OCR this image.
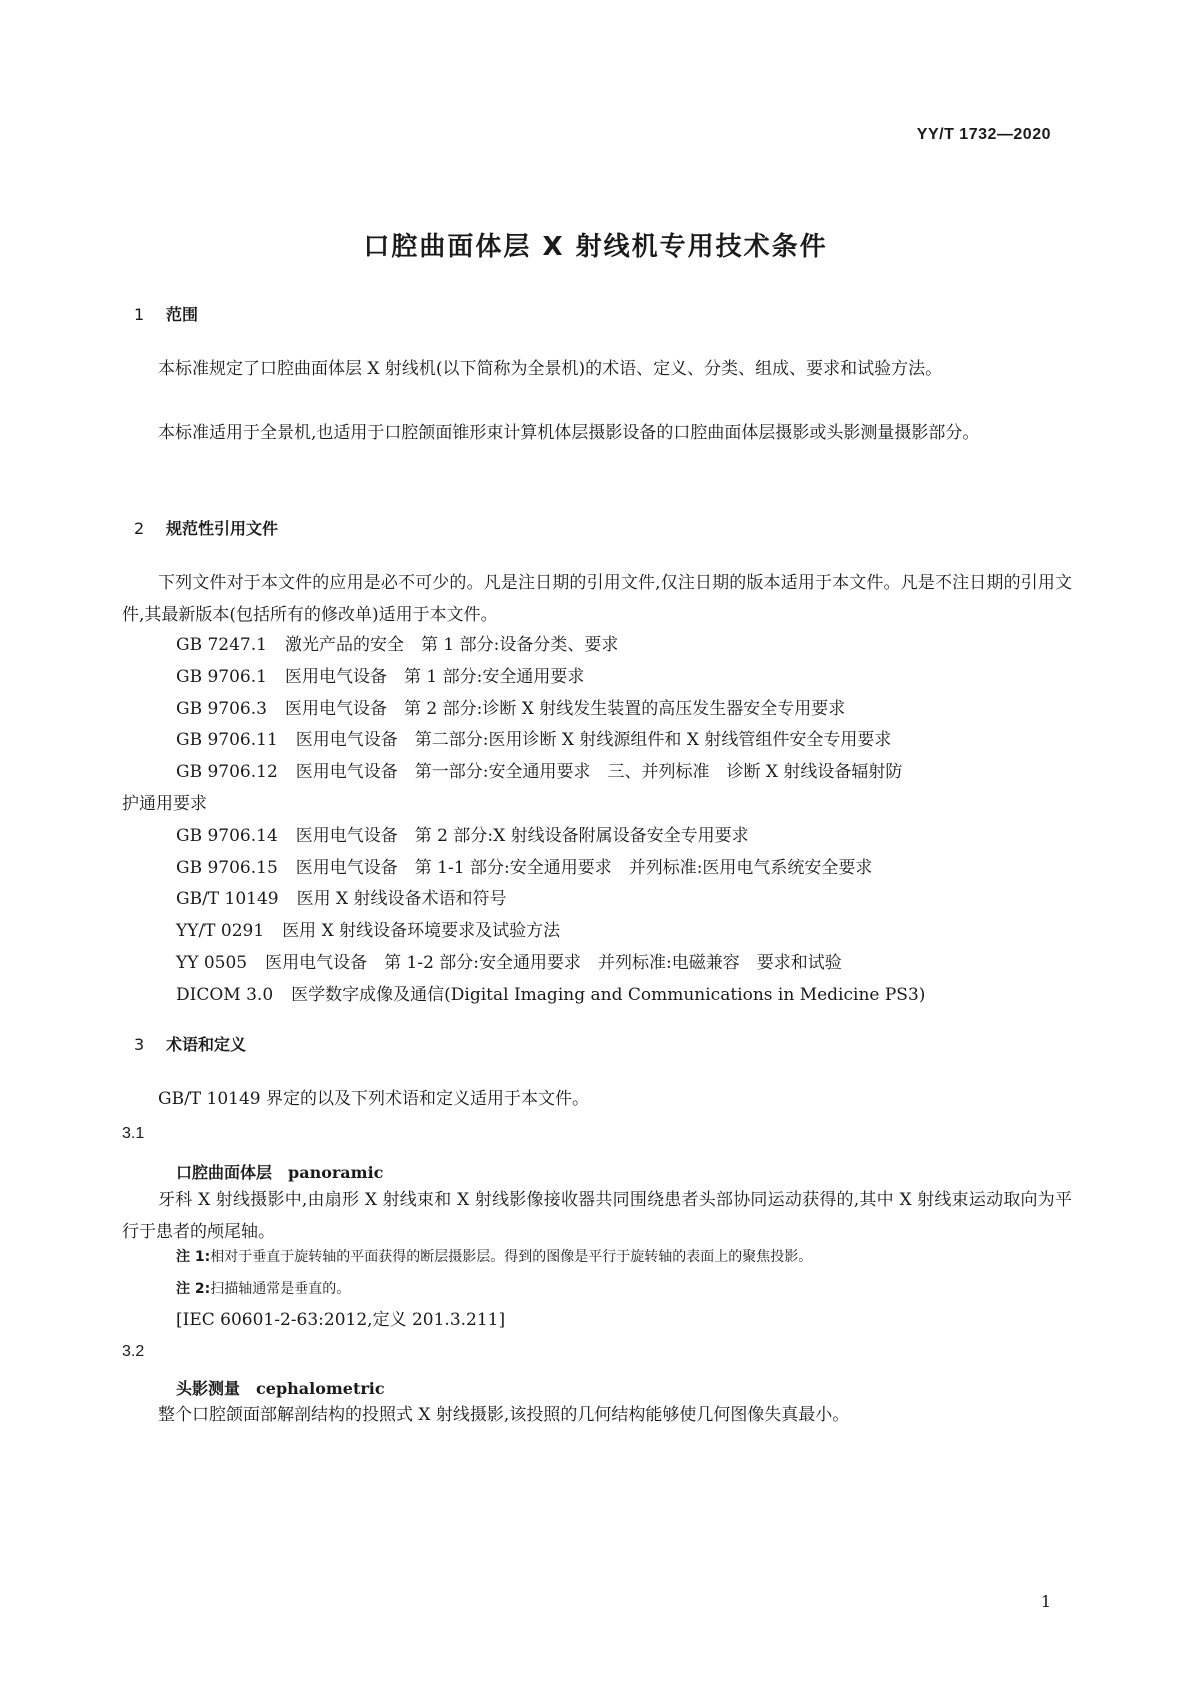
YY/T 1732—2020
口腔曲面体层 X 射线机专用技术条件
1 范围
本标准规定了口腔曲面体层 X 射线机(以下简称为全景机)的术语、定义、分类、组成、要求和试验方法。
本标准适用于全景机,也适用于口腔颌面锥形束计算机体层摄影设备的口腔曲面体层摄影或头影测量摄影部分。
2 规范性引用文件
下列文件对于本文件的应用是必不可少的。凡是注日期的引用文件,仅注日期的版本适用于本文件。凡是不注日期的引用文件,其最新版本(包括所有的修改单)适用于本文件。
GB 7247.1 激光产品的安全　第 1 部分:设备分类、要求
GB 9706.1 医用电气设备　第 1 部分:安全通用要求
GB 9706.3 医用电气设备　第 2 部分:诊断 X 射线发生装置的高压发生器安全专用要求
GB 9706.11 医用电气设备　第二部分:医用诊断 X 射线源组件和 X 射线管组件安全专用要求
GB 9706.12 医用电气设备　第一部分:安全通用要求　三、并列标准　诊断 X 射线设备辐射防
护通用要求
GB 9706.14 医用电气设备　第 2 部分:X 射线设备附属设备安全专用要求
GB 9706.15 医用电气设备　第 1-1 部分:安全通用要求　并列标准:医用电气系统安全要求
GB/T 10149 医用 X 射线设备术语和符号
YY/T 0291 医用 X 射线设备环境要求及试验方法
YY 0505 医用电气设备　第 1-2 部分:安全通用要求　并列标准:电磁兼容　要求和试验
DICOM 3.0 医学数字成像及通信(Digital Imaging and Communications in Medicine PS3)
3 术语和定义
GB/T 10149 界定的以及下列术语和定义适用于本文件。
3.1
口腔曲面体层 panoramic
牙科 X 射线摄影中,由扇形 X 射线束和 X 射线影像接收器共同围绕患者头部协同运动获得的,其中 X 射线束运动取向为平行于患者的颅尾轴。
注 1:相对于垂直于旋转轴的平面获得的断层摄影层。得到的图像是平行于旋转轴的表面上的聚焦投影。
注 2:扫描轴通常是垂直的。
[IEC 60601-2-63:2012,定义 201.3.211]
3.2
头影测量 cephalometric
整个口腔颌面部解剖结构的投照式 X 射线摄影,该投照的几何结构能够使几何图像失真最小。
1
